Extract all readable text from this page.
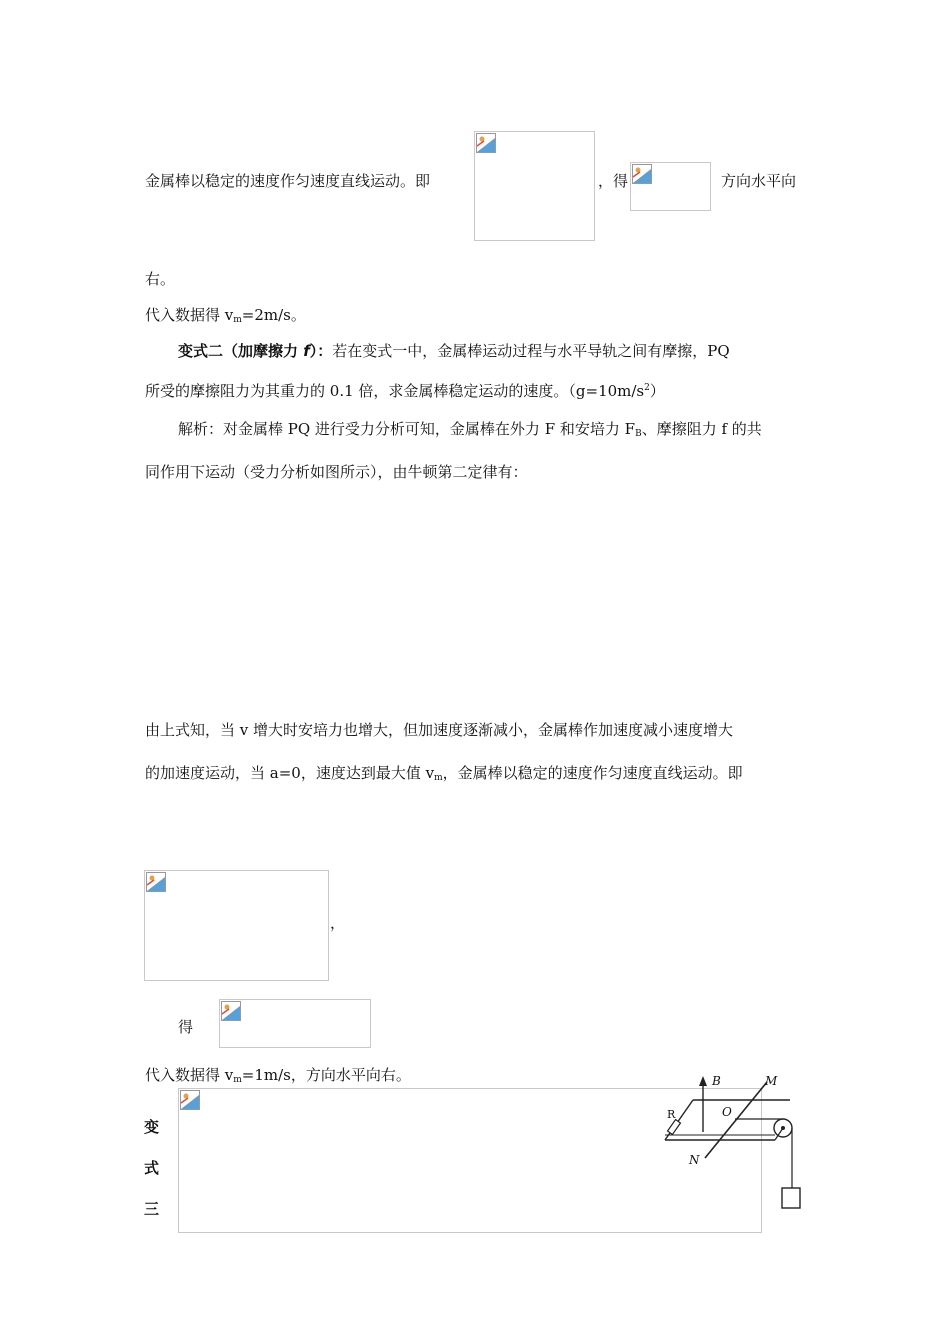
金属棒以稳定的速度作匀速度直线运动。即	，得	方向水平向
右。
代入数据得 $v_m=2m/s$。
变式二（加摩擦力 f）：若在变式一中，金属棒运动过程与水平导轨之间有摩擦，PQ
所受的摩擦阻力为其重力的 0.1 倍，求金属棒稳定运动的速度。$(g=10m/s^2)$
解析：对金属棒 PQ 进行受力分析可知，金属棒在外力 F 和安培力 $F_B$、摩擦阻力 f 的共
同作用下运动（受力分析如图所示），由牛顿第二定律有：
由上式知，当 v 增大时安培力也增大，但加速度逐渐减小，金属棒作加速度减小速度增大
的加速度运动，当 a=0，速度达到最大值 $v_m$，金属棒以稳定的速度作匀速度直线运动。即
，
得
代入数据得 $v_m=1m/s$，方向水平向右。
变
式
三
B	M
R	O
N
